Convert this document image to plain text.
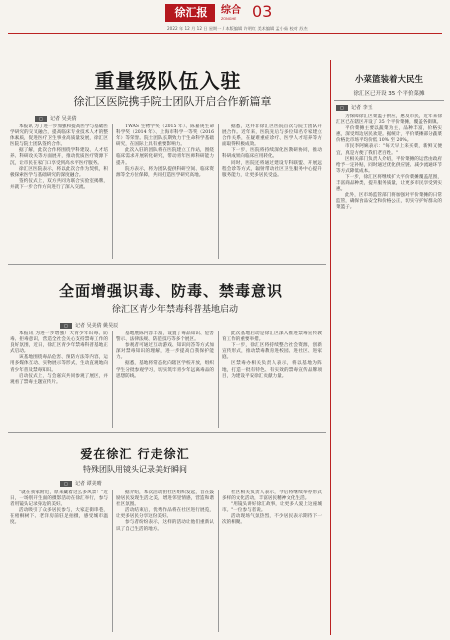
徐汇报	综合
ZONGHE 03
2022 年 12 月 12 日 星期一 / 本版编辑 许明红 美术编辑 孟小茹 校对 苏杰
重量级队伍入驻
徐汇区医院携手院士团队开启合作新篇章
□ 记者 吴美倩

本报讯 为了进一步加强和提高医学与基础医学研究的交叉融合，提高临床专业技术人才的整体素质，促进医疗卫生事业高质量发展，徐汇区医院与院士团队签约合作。

据了解，此次合作将围绕学科建设、人才培养、科研攻关等方面展开，推动优质医疗资源下沉，让市民在家门口享受到高水平医疗服务。

徐汇区医院表示，将以此次合作为契机，积极探索医学与基础研究的深度融合。

签约仪式上，双方共同为联合实验室揭牌，并就下一步合作方向进行了深入交流。

TWAS 生物学奖（2015 年）、陈嘉庚生命科学奖（2014 年）、上海市科学一等奖（2016 年）等荣誉。院士团队长期致力于生命科学基础研究，在国际上具有重要影响力。

此次入驻的团队将在医院建立工作站，围绕临床需求开展转化研究，带动青年医师科研能力提升。

院方表示，将为团队提供科研空间、临床资源等全方位保障，共同打造医学研究高地。

据悉，这并非徐汇区医院首次与院士团队开展合作。近年来，医院先后与多位知名专家建立合作关系，在疑难重症诊疗、医学人才培养等方面取得积极成效。

下一步，医院将持续深化医教研协同，推动科研成果向临床应用转化。

同时，医院还将通过建设专科联盟、开展远程会诊等方式，辐射带动社区卫生服务中心提升服务能力，让更多居民受益。

全面增强识毒、防毒、禁毒意识
徐汇区青少年禁毒科普基地启动
□ 记者 吴美倩 姚昊辰

本报讯 为进一步增强广大青少年识毒、防毒、拒毒意识，营造全社会关心支持禁毒工作的良好氛围，近日，徐汇区青少年禁毒科普基地正式启动。

该基地围绕毒品危害、预防方法等内容，运用多媒体互动、实物展示等形式，生动直观地向青少年普及禁毒知识。

启动仪式上，与会嘉宾共同参观了展区，并观看了禁毒主题宣传片。

基地展陈内容丰富，设置了毒品知识、危害警示、法律法规、防范技巧等多个展区。

参观者可通过互动游戏、知识问答等方式加深对禁毒知识的理解，进一步提高自我保护能力。

据悉，基地将常态化向辖区学校开放，组织学生分批参观学习，切实筑牢青少年远离毒品的思想防线。

此次基地启动是徐汇区深入推进禁毒宣传教育工作的重要举措。

下一步，徐汇区将持续整合社会资源，创新宣传形式，推动禁毒教育进校园、进社区、进家庭。

区禁毒办相关负责人表示，将以基地为阵地，打造一批有特色、有实效的禁毒宣传品牌项目，为建设平安徐汇贡献力量。

爱在徐汇 行走徐汇
特殊团队用镜头记录美好瞬间
□ 记者 谭美晴

"就在我家附近，原来藏着这么多风景！"近日，一场别开生面的摄影活动在徐汇举行，参与者用镜头记录身边的美好。

活动吸引了众多居民参与，大家走街串巷，在梧桐树下、老洋房前驻足拍摄，感受城市温度。

据介绍，本次活动由社区组织发起，旨在鼓励居民发现生活之美，增进邻里情感，营造和谐社区氛围。

活动结束后，优秀作品将在社区进行展览，让更多居民分享这份美好。

参与者纷纷表示，这样的活动让他们重新认识了自己生活的地方。

社区相关负责人表示，今后将继续举办形式多样的文化活动，丰富居民精神文化生活。

"用镜头讲好徐汇故事，让更多人爱上这座城市。"一位参与者说。

活动现场气氛热烈，不少居民表示期待下一次的相聚。

小菜篮装着大民生
徐汇区已开设 35 个平价菜摊
□ 记者 李玉

为保障徐汇区菜篮子供应，惠及市民，近年来徐汇区已在辖区开设了 35 个平价菜摊，覆盖各街镇。

平价菜摊主要以蔬菜为主，品种丰富，价格实惠，深受周边居民欢迎。据统计，平价菜摊部分蔬菜价格比市场平均价低 10% 至 20%。

市民李阿姨表示："每天早上来买菜，新鲜又便宜，真是方便了我们老百姓。"

区相关部门负责人介绍，平价菜摊的运营由政府给予一定补贴，同时通过优化供应链、减少流通环节等方式降低成本。

下一步，徐汇区将继续扩大平价菜摊覆盖范围，丰富商品种类，提升服务质量，让更多市民享受到实惠。

此外，区市场监管部门将加强对平价菜摊的日常监管，确保食品安全和价格公正，切实守护好群众的菜篮子。
